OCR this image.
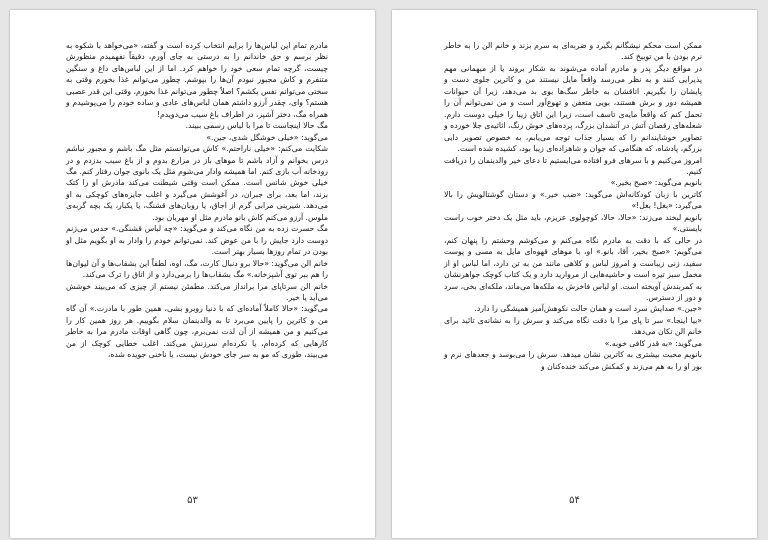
مادرم تمام این لباس‌ها را برایم انتخاب کرده است و گفته، «می‌خواهد با شکوه به نظر برسم و حق خاندانم را به درستی به جای آورم، دقیقاً نفهمیدم منظورش چیست، گرچه تمام سعی خود را خواهم کرد. اما از این لباس‌های داغ و سنگین متنفرم و کاش مجبور نبودم آن‌ها را بپوشم. چطور می‌توانم غذا بخورم وقتی به سختی می‌توانم نفس بکشم؟ اصلاً چطور می‌توانم غذا بخورم، وقتی این قدر عصبی هستم؟ وای، چقدر آرزو داشتم همان لباس‌های عادی و ساده خودم را می‌پوشیدم و همراه مگ، دختر آشپز، در اطراف باغ سیب می‌دویدم!

مگ حالا اینجاست تا مرا با لباس رسمی ببیند.

می‌گوید: «خیلی خوشگل شدی، جین.»

شکایت می‌کنم: «خیلی ناراحتم.» کاش می‌توانستم مثل مگ باشم و مجبور نباشم درس بخوانم و آزاد باشم تا موهای باز در مزارع بدوم و از باغ سیب بدزدم و در رودخانه آب بازی کنم. اما همیشه وادار می‌شوم مثل یک بانوی جوان رفتار کنم. مگ خیلی خوش شانس است. ممکن است وقتی شیطنت می‌کند مادرش او را کتک بزند، اما بعد، برای جبران، در آغوشش می‌گیرد و اغلب جایزه‌های کوچکی به او می‌دهد. شیرینی مرابی گرم از اجاق، یا روبان‌های قشنگ، یا یکبار، یک بچه گربه‌ی ملوس. آرزو می‌کنم کاش بانو مادرم مثل او مهربان بود.

مگ حسرت زده به من نگاه می‌کند و می‌گوید: «چه لباس قشنگی.» حدس می‌زنم دوست دارد جایش را با من عوض کند. نمی‌توانم خودم را وادار به او بگویم مثل او بودن در تمام روزها بسیار بهتر است.

خانم الن می‌گوید: «حالا برو دنبال کارت، مگ، اوه، لطفاً این بشقاب‌ها و آن لیوان‌ها را هم ببر توی آشپزخانه.» مگ بشقاب‌ها را برمی‌دارد و از اتاق را ترک می‌کند.

خانم الن سرتاپای مرا برانداز می‌کند. مطمئن نیستم از چیزی که می‌بیند خوشش می‌آید یا خیر.

می‌گوید: «حالا کاملاً آماده‌ای که با دنیا روبرو بشی، همین طور با مادرت.» آن گاه من و کاترین را پایین می‌برد تا به والدینمان سلام بگوییم. هر روز همین کار را می‌کنیم و من همیشه از آن لذت نمی‌برم، چون گاهی اوقات مادرم مرا به خاطر کارهایی که کرده‌ام، یا نکرده‌ام سرزنش می‌کند. اغلب خطایی کوچک از من می‌بیند، طوری که مو به سر جای خودش نیست، یا ناخنی جویده شده،

۵۳

ممکن است محکم نیشگانم بگیرد و ضربه‌ای به سرم بزند و خانم الن را به خاطر نرم بودن با من توبیخ کند.

در مواقع دیگر پدر و مادرم آماده می‌شوند به شکار بروند یا از میهمانی مهم پذیرایی کنند و به نظر می‌رسد واقعاً مایل نیستند من و کاترین جلوی دست و پایشان را بگیریم. اتاقشان به خاطر سگ‌ها بوی بد می‌دهد، زیرا آن حیوانات همیشه دور و برش هستند، بویی متعفن و تهوع‌آور است و من نمی‌توانم آن را تحمل کنم که واقعاً مایه‌ی تاسف است، زیرا این اتاق زیبا را خیلی دوست دارم. شعله‌های رقصان آتش در آتشدان بزرگ، پرده‌های خوش رنگ، اثاثیه‌ی جلا خورده و تصاویر خوشایندانم را که بسیار جذاب توجه می‌یابم، به خصوص تصویر دایی بزرگم، پادشاه، که هنگامی که جوان و شاهزاده‌ای زیبا بود، کشیده شده است.

امروز می‌کنیم و با سرهای فرو افتاده می‌ایستیم تا دعای خیر والدینمان را دریافت کنیم.

بانویم می‌گوید: «صبح بخیر.»

کاترین با زبان کودکانه‌اش می‌گوید: «ضب خیر.» و دستان گوشتالویش را بالا می‌گیرد: «بغل! بغل!»

بانویم لبخند می‌زند: «حالا، حالا، کوچولوی عزیزم، باید مثل یک دختر خوب راست بایستی.»

در حالی که با دقت به مادرم نگاه می‌کنم و می‌کوشم وحشتم را پنهان کنم، می‌گویم: «صبح بخیر، آقا، بانو.» او، با موهای قهوه‌ای مایل به مسی و پوست سفید، زنی زیباست و امروز لباس و کلاهی مانند من به تن دارد، اما لباس او از مخمل سبز تیره است و حاشیه‌هایی از مروارید دارد و یک کتاب کوچک جواهرنشان به کمربندش آویخته است. او لباس فاخرش به ملکه‌ها می‌ماند، ملکه‌ای بخی، سرد و دور از دسترس.

«جین.» صدایش سرد است و همان حالت نکوهش‌آمیز همیشگی را دارد.

«بیا اینجا.» سر تا پای مرا با دقت نگاه می‌کند و سرش را به نشانه‌ی تائید برای خانم الن تکان می‌دهد.

می‌گوید: «به قدر کافی خوبه.»

بانویم محبت بیشتری به کاترین نشان میدهد. سرش را می‌بوسد و جعدهای نرم و بور او را به هم می‌زند و کمکش می‌کند خنده‌کنان و

۵۴
